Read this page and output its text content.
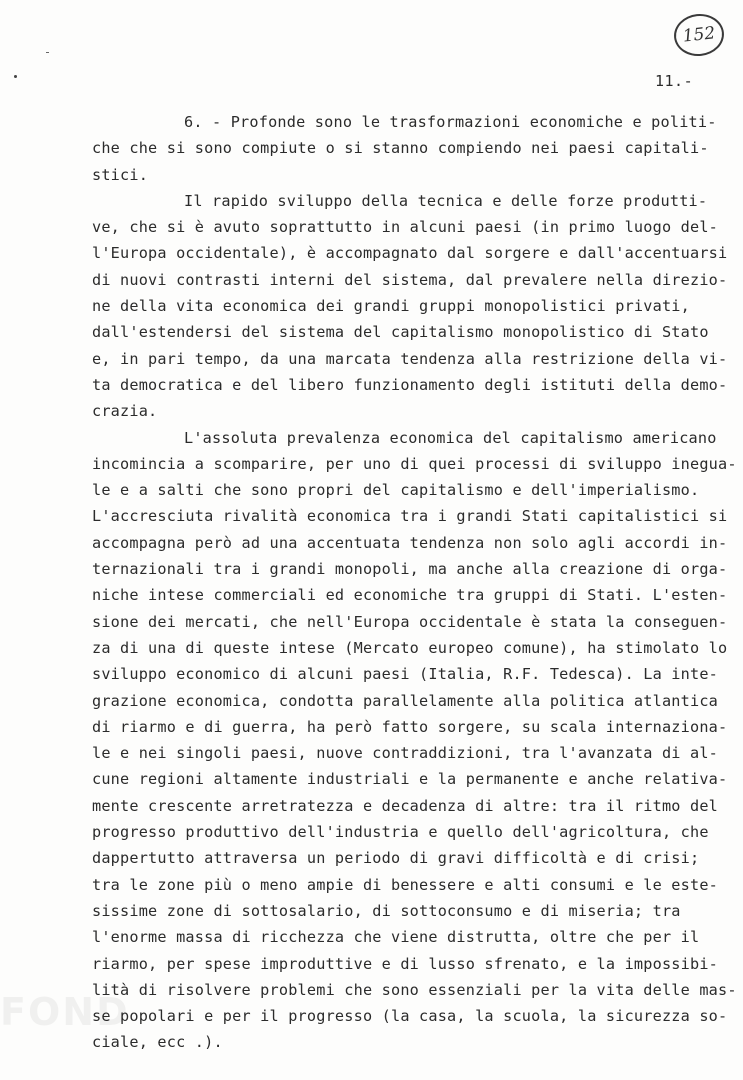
152
11.-
6. - Profonde sono le trasformazioni economiche e politi-
che che si sono compiute o si stanno compiendo nei paesi capitali-
stici.
Il rapido sviluppo della tecnica e delle forze produtti-
ve, che si è avuto soprattutto in alcuni paesi (in primo luogo del-
l'Europa occidentale), è accompagnato dal sorgere e dall'accentuarsi
di nuovi contrasti interni del sistema, dal prevalere nella direzio-
ne della vita economica dei grandi gruppi monopolistici privati,
dall'estendersi del sistema del capitalismo monopolistico di Stato
e, in pari tempo, da una marcata tendenza alla restrizione della vi-
ta democratica e del libero funzionamento degli istituti della demo-
crazia.
L'assoluta prevalenza economica del capitalismo americano
incomincia a scomparire, per uno di quei processi di sviluppo inegua-
le e a salti che sono propri del capitalismo e dell'imperialismo.
L'accresciuta rivalità economica tra i grandi Stati capitalistici si
accompagna però ad una accentuata tendenza non solo agli accordi in-
ternazionali tra i grandi monopoli, ma anche alla creazione di orga-
niche intese commerciali ed economiche tra gruppi di Stati. L'esten-
sione dei mercati, che nell'Europa occidentale è stata la conseguen-
za di una di queste intese (Mercato europeo comune), ha stimolato lo
sviluppo economico di alcuni paesi (Italia, R.F. Tedesca). La inte-
grazione economica, condotta parallelamente alla politica atlantica
di riarmo e di guerra, ha però fatto sorgere, su scala internaziona-
le e nei singoli paesi, nuove contraddizioni, tra l'avanzata di al-
cune regioni altamente industriali e la permanente e anche relativa-
mente crescente arretratezza e decadenza di altre: tra il ritmo del
progresso produttivo dell'industria e quello dell'agricoltura, che
dappertutto attraversa un periodo di gravi difficoltà e di crisi;
tra le zone più o meno ampie di benessere e alti consumi e le este-
sissime zone di sottosalario, di sottoconsumo e di miseria; tra
l'enorme massa di ricchezza che viene distrutta, oltre che per il
riarmo, per spese improduttive e di lusso sfrenato, e la impossibi-
lità di risolvere problemi che sono essenziali per la vita delle mas-
se popolari e per il progresso (la casa, la scuola, la sicurezza so-
ciale, ecc .).
FOND
